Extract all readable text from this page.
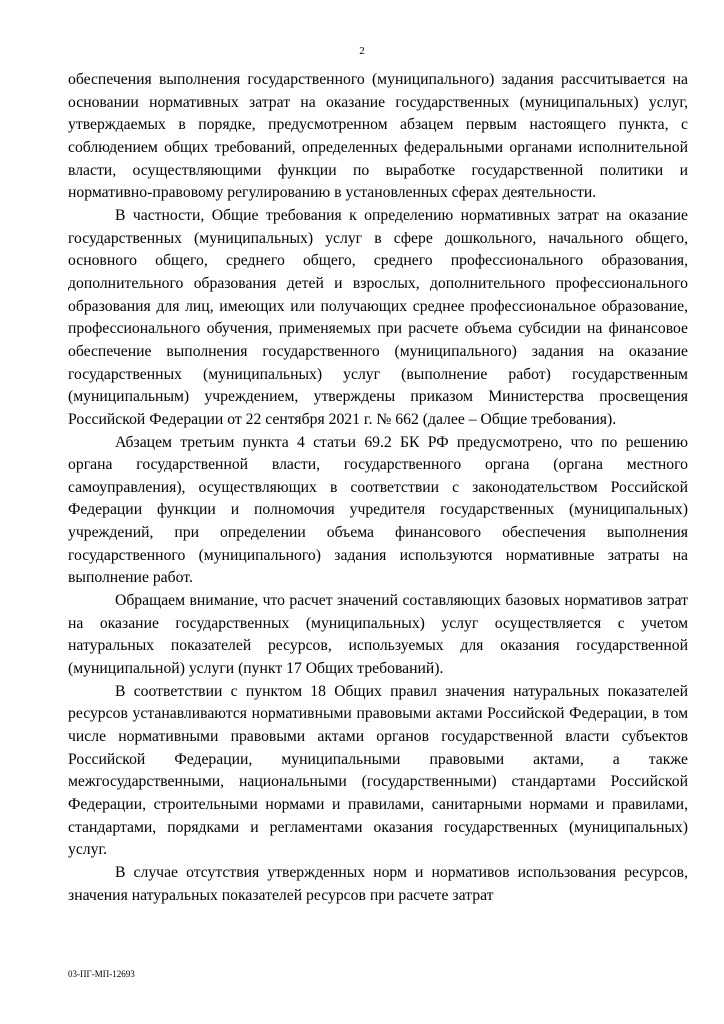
2

обеспечения выполнения государственного (муниципального) задания рассчитывается на основании нормативных затрат на оказание государственных (муниципальных) услуг, утверждаемых в порядке, предусмотренном абзацем первым настоящего пункта, с соблюдением общих требований, определенных федеральными органами исполнительной власти, осуществляющими функции по выработке государственной политики и нормативно-правовому регулированию в установленных сферах деятельности.

В частности, Общие требования к определению нормативных затрат на оказание государственных (муниципальных) услуг в сфере дошкольного, начального общего, основного общего, среднего общего, среднего профессионального образования, дополнительного образования детей и взрослых, дополнительного профессионального образования для лиц, имеющих или получающих среднее профессиональное образование, профессионального обучения, применяемых при расчете объема субсидии на финансовое обеспечение выполнения государственного (муниципального) задания на оказание государственных (муниципальных) услуг (выполнение работ) государственным (муниципальным) учреждением, утверждены приказом Министерства просвещения Российской Федерации от 22 сентября 2021 г. № 662 (далее – Общие требования).

Абзацем третьим пункта 4 статьи 69.2 БК РФ предусмотрено, что по решению органа государственной власти, государственного органа (органа местного самоуправления), осуществляющих в соответствии с законодательством Российской Федерации функции и полномочия учредителя государственных (муниципальных) учреждений, при определении объема финансового обеспечения выполнения государственного (муниципального) задания используются нормативные затраты на выполнение работ.

Обращаем внимание, что расчет значений составляющих базовых нормативов затрат на оказание государственных (муниципальных) услуг осуществляется с учетом натуральных показателей ресурсов, используемых для оказания государственной (муниципальной) услуги (пункт 17 Общих требований).

В соответствии с пунктом 18 Общих правил значения натуральных показателей ресурсов устанавливаются нормативными правовыми актами Российской Федерации, в том числе нормативными правовыми актами органов государственной власти субъектов Российской Федерации, муниципальными правовыми актами, а также межгосударственными, национальными (государственными) стандартами Российской Федерации, строительными нормами и правилами, санитарными нормами и правилами, стандартами, порядками и регламентами оказания государственных (муниципальных) услуг.

В случае отсутствия утвержденных норм и нормативов использования ресурсов, значения натуральных показателей ресурсов при расчете затрат

03-ПГ-МП-12693
